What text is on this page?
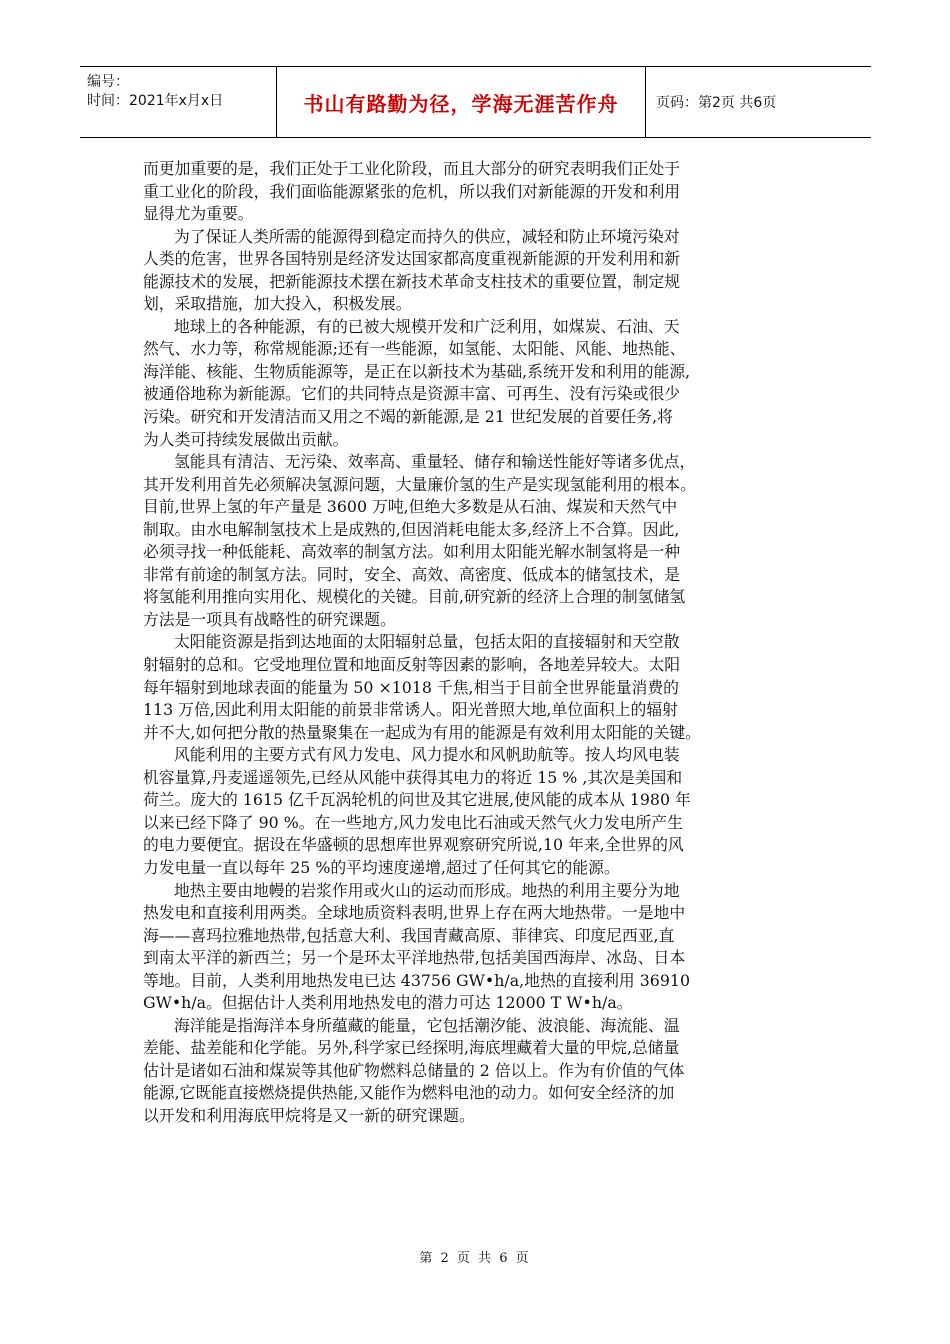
编号：
时间：2021年x月x日	书山有路勤为径，学海无涯苦作舟	页码：第2页 共6页
而更加重要的是，我们正处于工业化阶段，而且大部分的研究表明我们正处于
重工业化的阶段，我们面临能源紧张的危机，所以我们对新能源的开发和利用
显得尤为重要。
为了保证人类所需的能源得到稳定而持久的供应，减轻和防止环境污染对
人类的危害，世界各国特别是经济发达国家都高度重视新能源的开发利用和新
能源技术的发展，把新能源技术摆在新技术革命支柱技术的重要位置，制定规
划，采取措施，加大投入，积极发展。
地球上的各种能源，有的已被大规模开发和广泛利用，如煤炭、石油、天
然气、水力等，称常规能源;还有一些能源，如氢能、太阳能、风能、地热能、
海洋能、核能、生物质能源等，是正在以新技术为基础,系统开发和利用的能源,
被通俗地称为新能源。它们的共同特点是资源丰富、可再生、没有污染或很少
污染。研究和开发清洁而又用之不竭的新能源,是 21 世纪发展的首要任务,将
为人类可持续发展做出贡献。
氢能具有清洁、无污染、效率高、重量轻、储存和输送性能好等诸多优点，
其开发利用首先必须解决氢源问题，大量廉价氢的生产是实现氢能利用的根本。
目前,世界上氢的年产量是 3600 万吨,但绝大多数是从石油、煤炭和天然气中
制取。由水电解制氢技术上是成熟的,但因消耗电能太多,经济上不合算。因此,
必须寻找一种低能耗、高效率的制氢方法。如利用太阳能光解水制氢将是一种
非常有前途的制氢方法。同时，安全、高效、高密度、低成本的储氢技术，是
将氢能利用推向实用化、规模化的关键。目前,研究新的经济上合理的制氢储氢
方法是一项具有战略性的研究课题。
太阳能资源是指到达地面的太阳辐射总量，包括太阳的直接辐射和天空散
射辐射的总和。它受地理位置和地面反射等因素的影响，各地差异较大。太阳
每年辐射到地球表面的能量为 50 ×1018 千焦,相当于目前全世界能量消费的
113 万倍,因此利用太阳能的前景非常诱人。阳光普照大地,单位面积上的辐射
并不大,如何把分散的热量聚集在一起成为有用的能源是有效利用太阳能的关键。
风能利用的主要方式有风力发电、风力提水和风帆助航等。按人均风电装
机容量算,丹麦遥遥领先,已经从风能中获得其电力的将近 15 % ,其次是美国和
荷兰。庞大的 1615 亿千瓦涡轮机的问世及其它进展,使风能的成本从 1980 年
以来已经下降了 90 %。在一些地方,风力发电比石油或天然气火力发电所产生
的电力要便宜。据设在华盛顿的思想库世界观察研究所说,10 年来,全世界的风
力发电量一直以每年 25 %的平均速度递增,超过了任何其它的能源。
地热主要由地幔的岩浆作用或火山的运动而形成。地热的利用主要分为地
热发电和直接利用两类。全球地质资料表明,世界上存在两大地热带。一是地中
海——喜玛拉雅地热带,包括意大利、我国青藏高原、菲律宾、印度尼西亚,直
到南太平洋的新西兰；另一个是环太平洋地热带,包括美国西海岸、冰岛、日本
等地。目前，人类利用地热发电已达 43756 GW•h/a,地热的直接利用 36910
GW•h/a。但据估计人类利用地热发电的潜力可达 12000 T W•h/a。
海洋能是指海洋本身所蕴藏的能量，它包括潮汐能、波浪能、海流能、温
差能、盐差能和化学能。另外,科学家已经探明,海底埋藏着大量的甲烷,总储量
估计是诸如石油和煤炭等其他矿物燃料总储量的 2 倍以上。作为有价值的气体
能源,它既能直接燃烧提供热能,又能作为燃料电池的动力。如何安全经济的加
以开发和利用海底甲烷将是又一新的研究课题。
第 2 页 共 6 页
